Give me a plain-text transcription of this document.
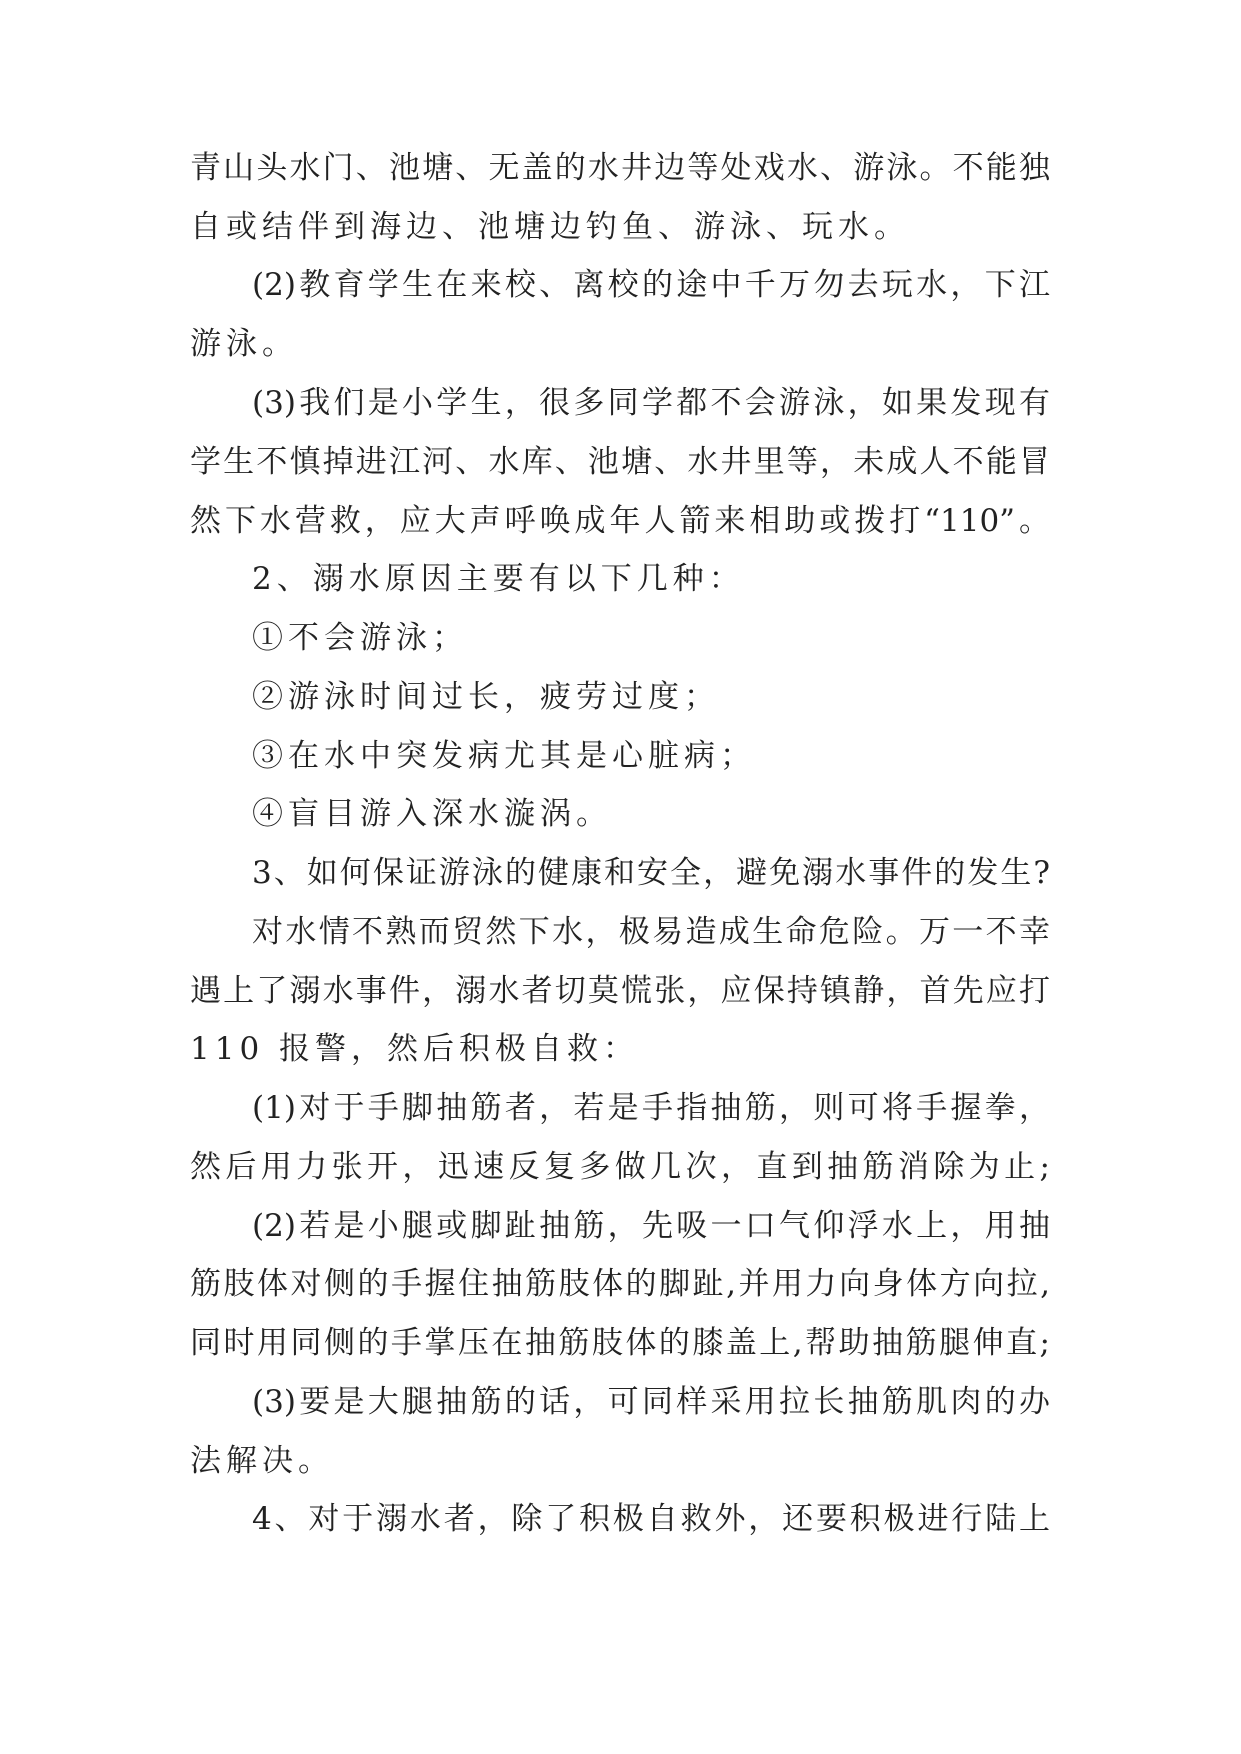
青山头水门、池塘、无盖的水井边等处戏水、游泳。不能独
自或结伴到海边、池塘边钓鱼、游泳、玩水。
(2)教育学生在来校、离校的途中千万勿去玩水，下江
游泳。
(3)我们是小学生，很多同学都不会游泳，如果发现有
学生不慎掉进江河、水库、池塘、水井里等，未成人不能冒
然下水营救，应大声呼唤成年人箭来相助或拨打“110”。
2、溺水原因主要有以下几种：
①不会游泳；
②游泳时间过长，疲劳过度；
③在水中突发病尤其是心脏病；
④盲目游入深水漩涡。
3、如何保证游泳的健康和安全，避免溺水事件的发生?
对水情不熟而贸然下水，极易造成生命危险。万一不幸
遇上了溺水事件，溺水者切莫慌张，应保持镇静，首先应打
110 报警，然后积极自救：
(1)对于手脚抽筋者，若是手指抽筋，则可将手握拳，
然后用力张开，迅速反复多做几次，直到抽筋消除为止;
(2)若是小腿或脚趾抽筋，先吸一口气仰浮水上，用抽
筋肢体对侧的手握住抽筋肢体的脚趾,并用力向身体方向拉,
同时用同侧的手掌压在抽筋肢体的膝盖上,帮助抽筋腿伸直;
(3)要是大腿抽筋的话，可同样采用拉长抽筋肌肉的办
法解决。
4、对于溺水者，除了积极自救外，还要积极进行陆上
